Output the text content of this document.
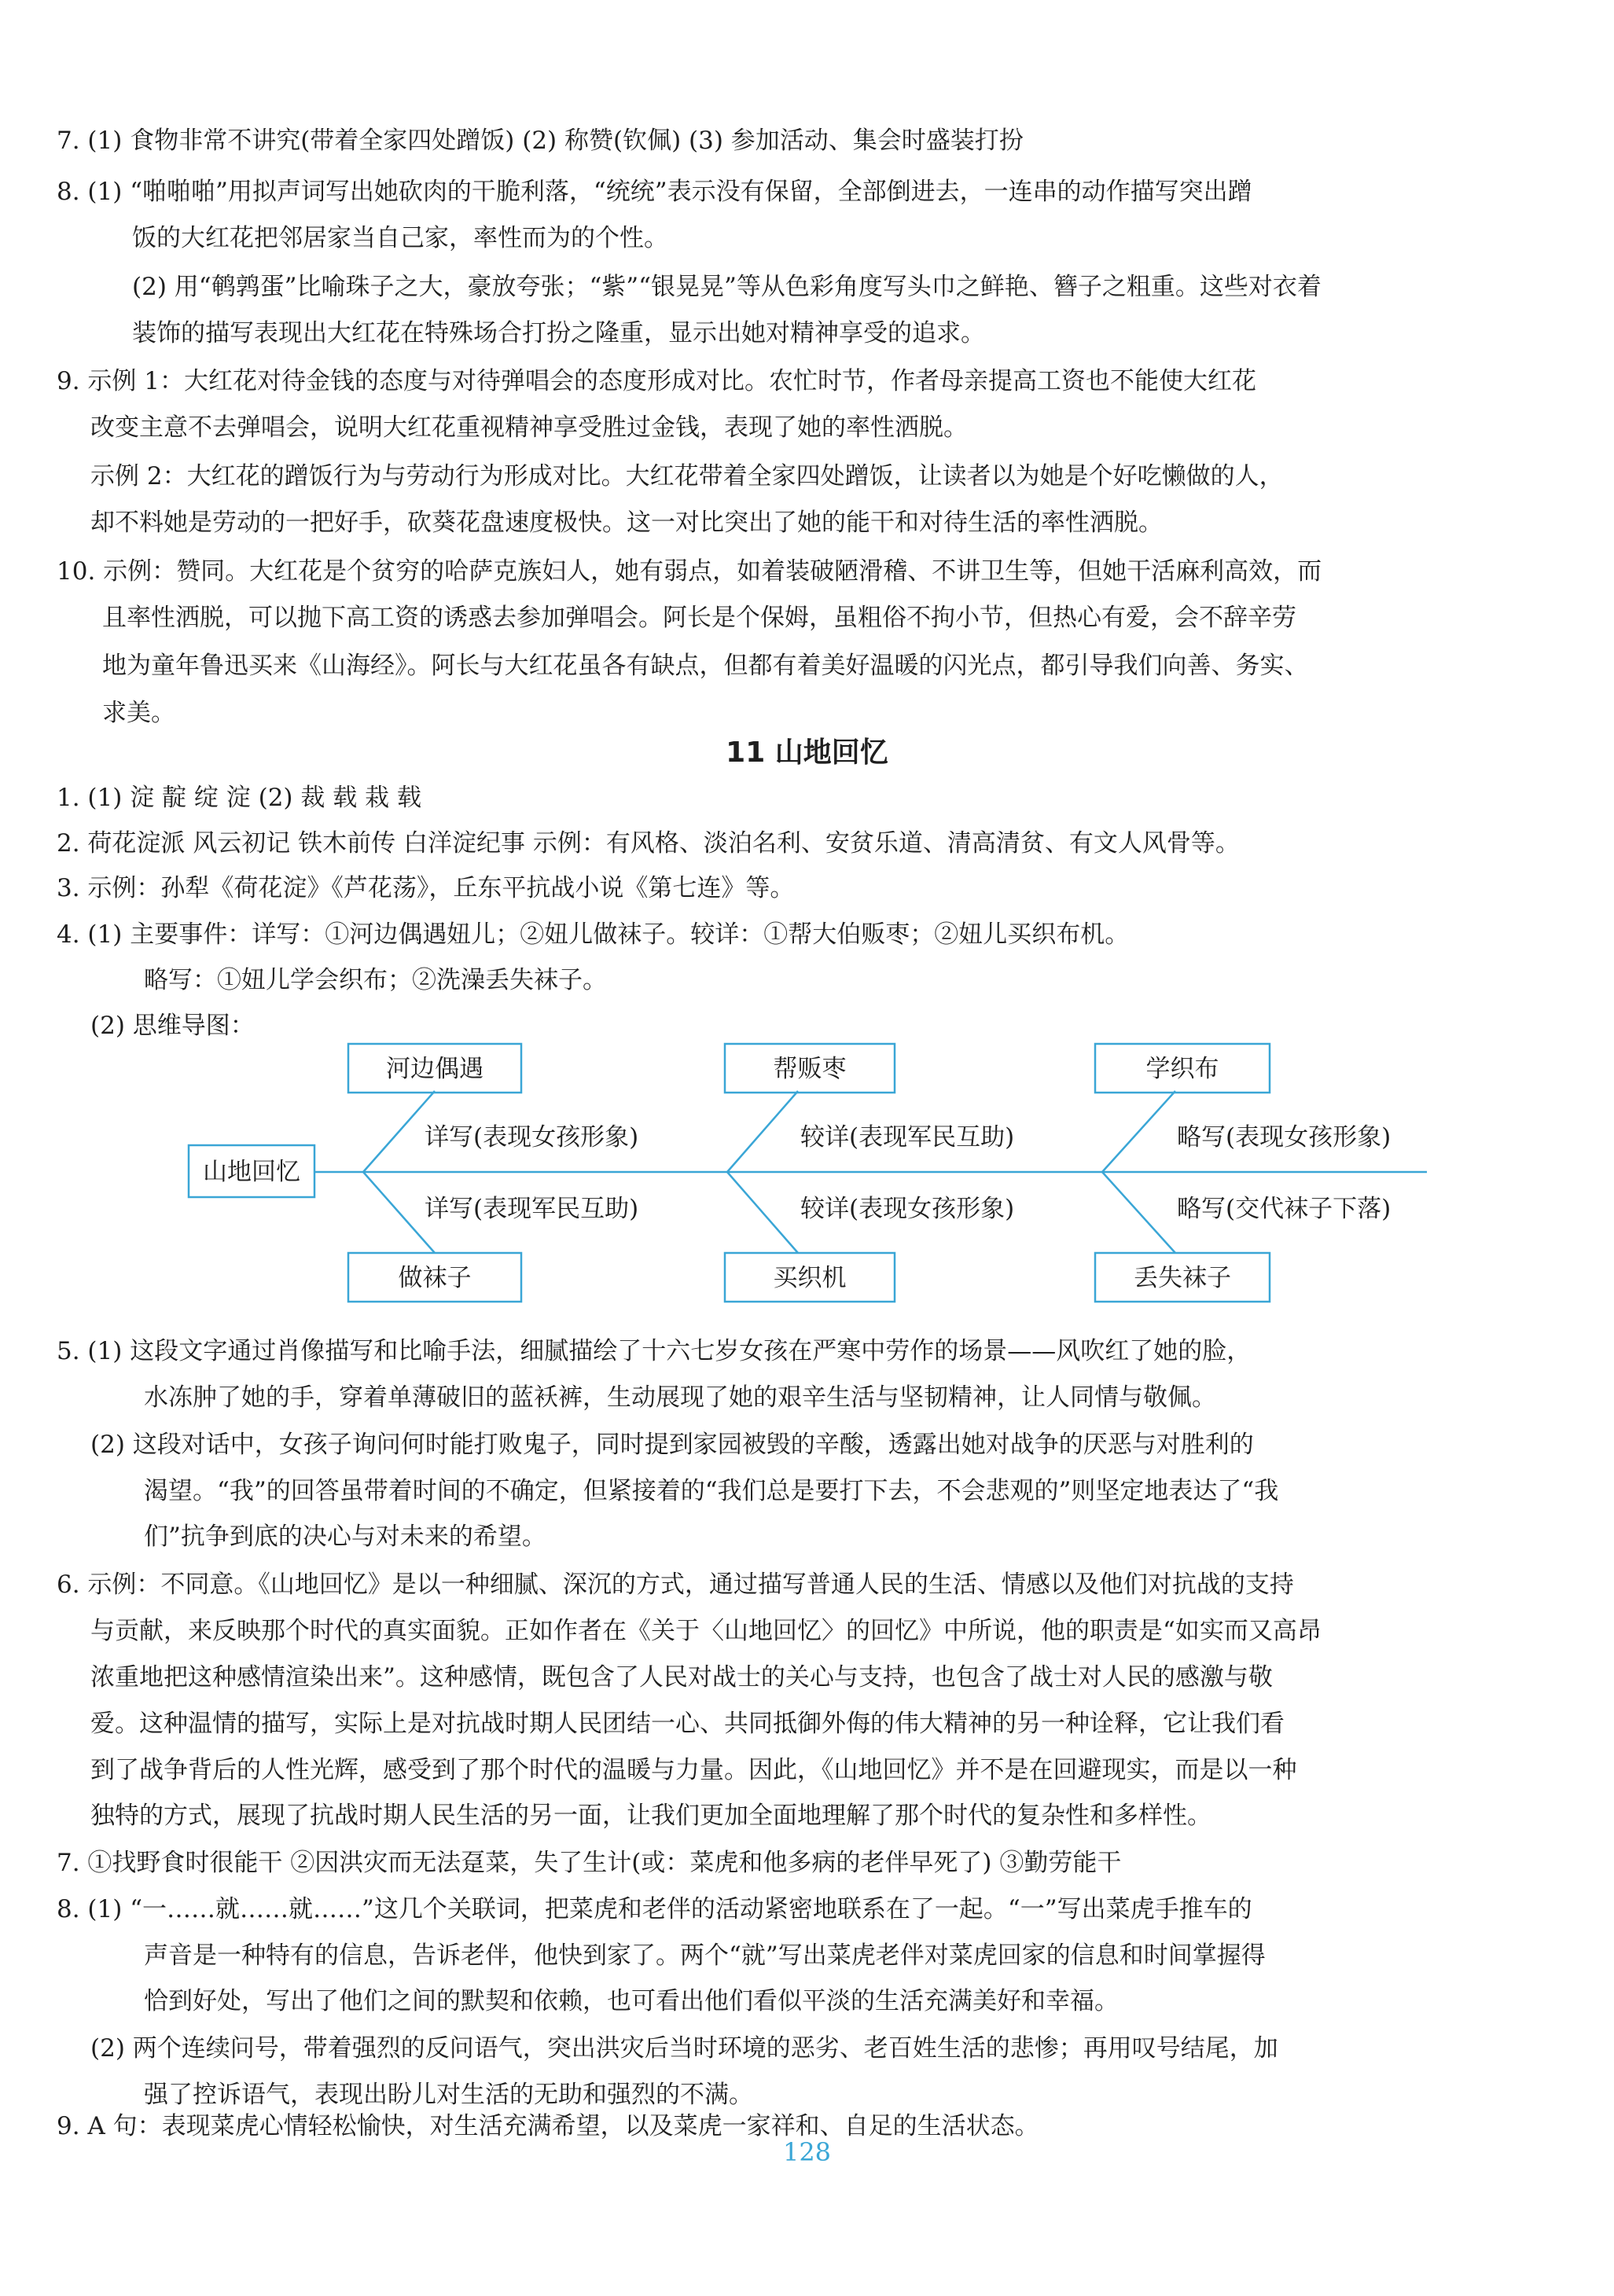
7. (1) 食物非常不讲究(带着全家四处蹭饭) (2) 称赞(钦佩) (3) 参加活动、集会时盛装打扮
8. (1) “啪啪啪”用拟声词写出她砍肉的干脆利落，“统统”表示没有保留，全部倒进去，一连串的动作描写突出蹭
饭的大红花把邻居家当自己家，率性而为的个性。
(2) 用“鹌鹑蛋”比喻珠子之大，豪放夸张；“紫”“银晃晃”等从色彩角度写头巾之鲜艳、簪子之粗重。这些对衣着
装饰的描写表现出大红花在特殊场合打扮之隆重，显示出她对精神享受的追求。
9. 示例 1：大红花对待金钱的态度与对待弹唱会的态度形成对比。农忙时节，作者母亲提高工资也不能使大红花
改变主意不去弹唱会，说明大红花重视精神享受胜过金钱，表现了她的率性洒脱。
示例 2：大红花的蹭饭行为与劳动行为形成对比。大红花带着全家四处蹭饭，让读者以为她是个好吃懒做的人，
却不料她是劳动的一把好手，砍葵花盘速度极快。这一对比突出了她的能干和对待生活的率性洒脱。
10. 示例：赞同。大红花是个贫穷的哈萨克族妇人，她有弱点，如着装破陋滑稽、不讲卫生等，但她干活麻利高效，而
且率性洒脱，可以抛下高工资的诱惑去参加弹唱会。阿长是个保姆，虽粗俗不拘小节，但热心有爱，会不辞辛劳
地为童年鲁迅买来《山海经》。阿长与大红花虽各有缺点，但都有着美好温暖的闪光点，都引导我们向善、务实、
求美。
11 山地回忆
1. (1) 淀 靛 绽 淀 (2) 裁 载 栽 载
2. 荷花淀派 风云初记 铁木前传 白洋淀纪事 示例：有风格、淡泊名利、安贫乐道、清高清贫、有文人风骨等。
3. 示例：孙犁《荷花淀》《芦花荡》，丘东平抗战小说《第七连》等。
4. (1) 主要事件：详写：①河边偶遇妞儿；②妞儿做袜子。较详：①帮大伯贩枣；②妞儿买织布机。
略写：①妞儿学会织布；②洗澡丢失袜子。
(2) 思维导图：
山地回忆
河边偶遇	帮贩枣	学织布
做袜子	买织机	丢失袜子
详写(表现女孩形象)	较详(表现军民互助)	略写(表现女孩形象)
详写(表现军民互助)	较详(表现女孩形象)	略写(交代袜子下落)
5. (1) 这段文字通过肖像描写和比喻手法，细腻描绘了十六七岁女孩在严寒中劳作的场景——风吹红了她的脸，
水冻肿了她的手，穿着单薄破旧的蓝袄裤，生动展现了她的艰辛生活与坚韧精神，让人同情与敬佩。
(2) 这段对话中，女孩子询问何时能打败鬼子，同时提到家园被毁的辛酸，透露出她对战争的厌恶与对胜利的
渴望。“我”的回答虽带着时间的不确定，但紧接着的“我们总是要打下去，不会悲观的”则坚定地表达了“我
们”抗争到底的决心与对未来的希望。
6. 示例：不同意。《山地回忆》是以一种细腻、深沉的方式，通过描写普通人民的生活、情感以及他们对抗战的支持
与贡献，来反映那个时代的真实面貌。正如作者在《关于〈山地回忆〉的回忆》中所说，他的职责是“如实而又高昂
浓重地把这种感情渲染出来”。这种感情，既包含了人民对战士的关心与支持，也包含了战士对人民的感激与敬
爱。这种温情的描写，实际上是对抗战时期人民团结一心、共同抵御外侮的伟大精神的另一种诠释，它让我们看
到了战争背后的人性光辉，感受到了那个时代的温暖与力量。因此，《山地回忆》并不是在回避现实，而是以一种
独特的方式，展现了抗战时期人民生活的另一面，让我们更加全面地理解了那个时代的复杂性和多样性。
7. ①找野食时很能干 ②因洪灾而无法趸菜，失了生计(或：菜虎和他多病的老伴早死了) ③勤劳能干
8. (1) “一……就……就……”这几个关联词，把菜虎和老伴的活动紧密地联系在了一起。“一”写出菜虎手推车的
声音是一种特有的信息，告诉老伴，他快到家了。两个“就”写出菜虎老伴对菜虎回家的信息和时间掌握得
恰到好处，写出了他们之间的默契和依赖，也可看出他们看似平淡的生活充满美好和幸福。
(2) 两个连续问号，带着强烈的反问语气，突出洪灾后当时环境的恶劣、老百姓生活的悲惨；再用叹号结尾，加
强了控诉语气，表现出盼儿对生活的无助和强烈的不满。
9. A 句：表现菜虎心情轻松愉快，对生活充满希望，以及菜虎一家祥和、自足的生活状态。
128
